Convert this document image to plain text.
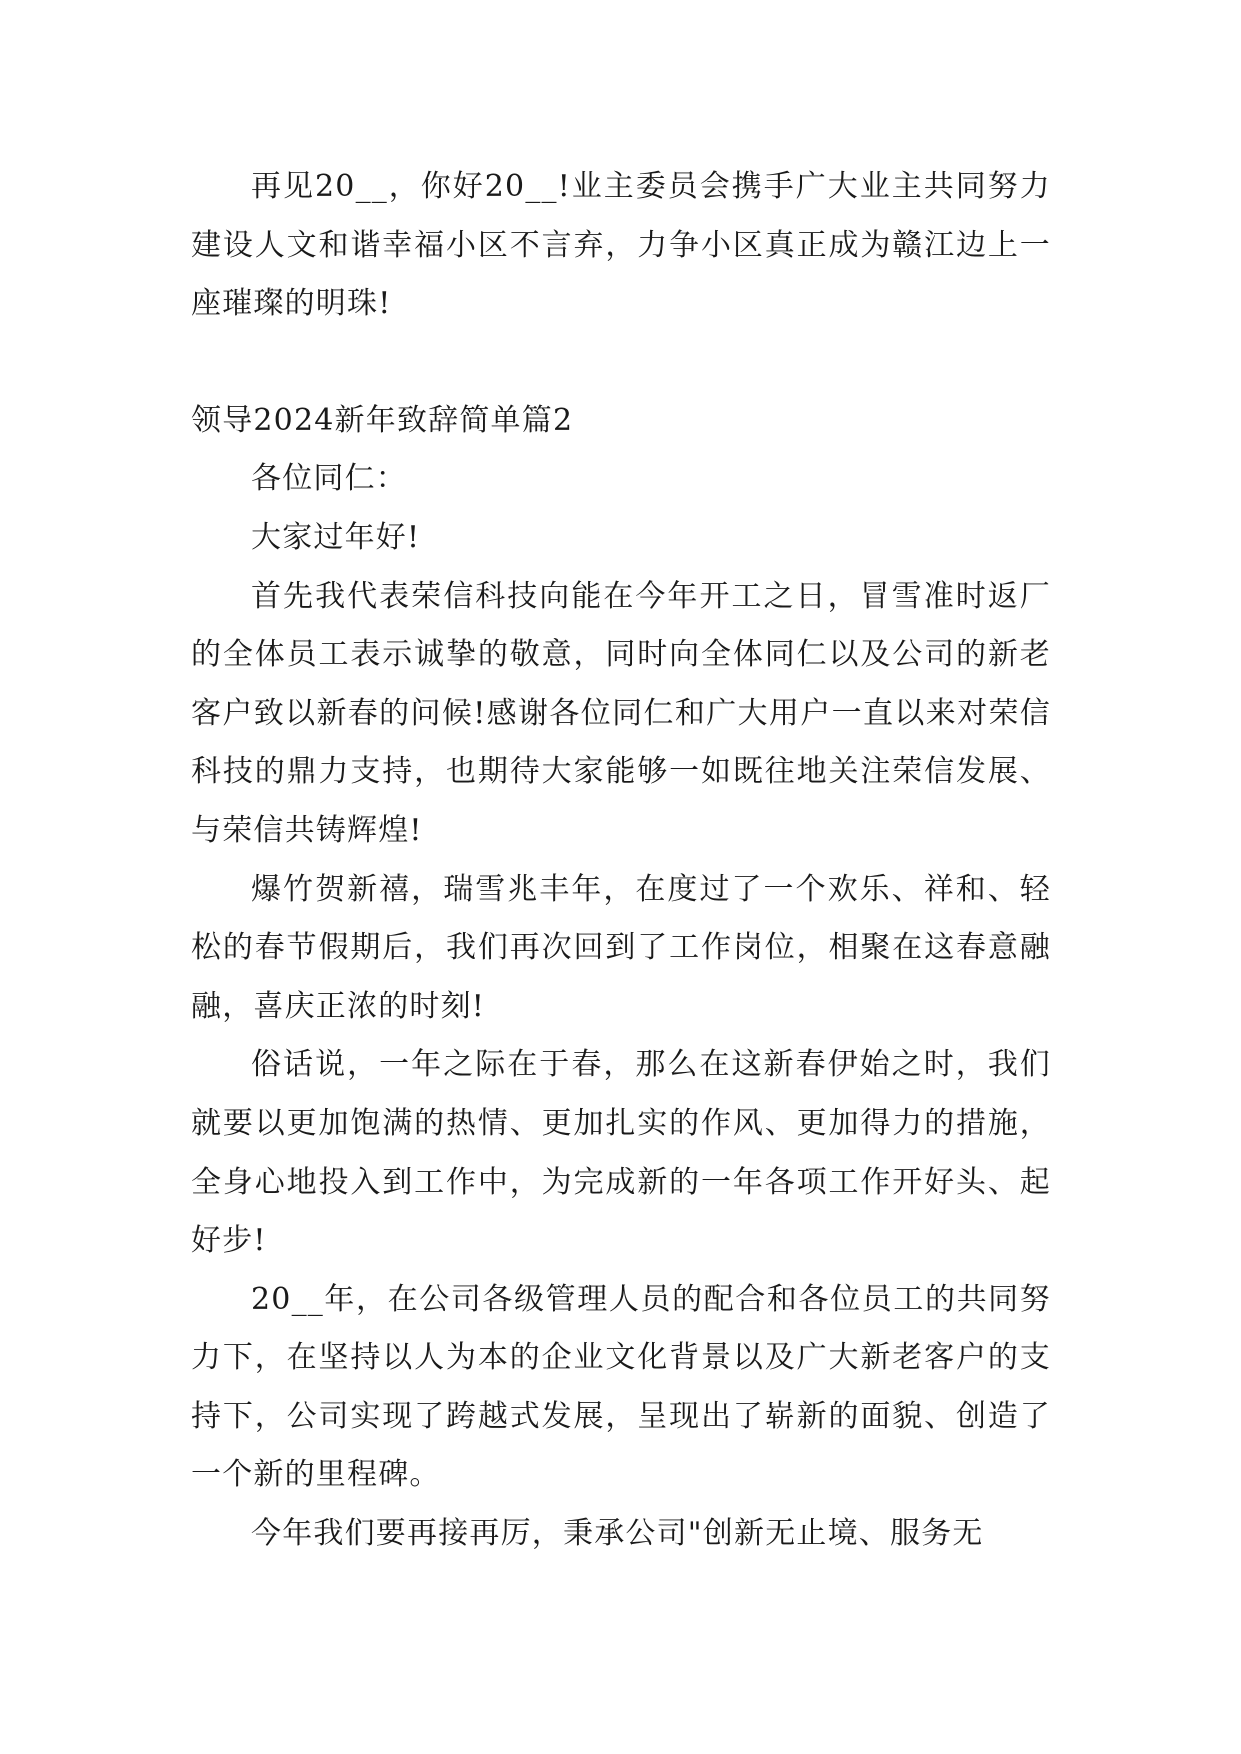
再见20__，你好20__!业主委员会携手广大业主共同努力建设人文和谐幸福小区不言弃，力争小区真正成为赣江边上一座璀璨的明珠!

领导2024新年致辞简单篇2

各位同仁：

大家过年好!

首先我代表荣信科技向能在今年开工之日，冒雪准时返厂的全体员工表示诚挚的敬意，同时向全体同仁以及公司的新老客户致以新春的问候!感谢各位同仁和广大用户一直以来对荣信科技的鼎力支持，也期待大家能够一如既往地关注荣信发展、与荣信共铸辉煌!

爆竹贺新禧，瑞雪兆丰年，在度过了一个欢乐、祥和、轻松的春节假期后，我们再次回到了工作岗位，相聚在这春意融融，喜庆正浓的时刻!

俗话说，一年之际在于春，那么在这新春伊始之时，我们就要以更加饱满的热情、更加扎实的作风、更加得力的措施，全身心地投入到工作中，为完成新的一年各项工作开好头、起好步!

20__年，在公司各级管理人员的配合和各位员工的共同努力下，在坚持以人为本的企业文化背景以及广大新老客户的支持下，公司实现了跨越式发展，呈现出了崭新的面貌、创造了一个新的里程碑。

今年我们要再接再厉，秉承公司"创新无止境、服务无
